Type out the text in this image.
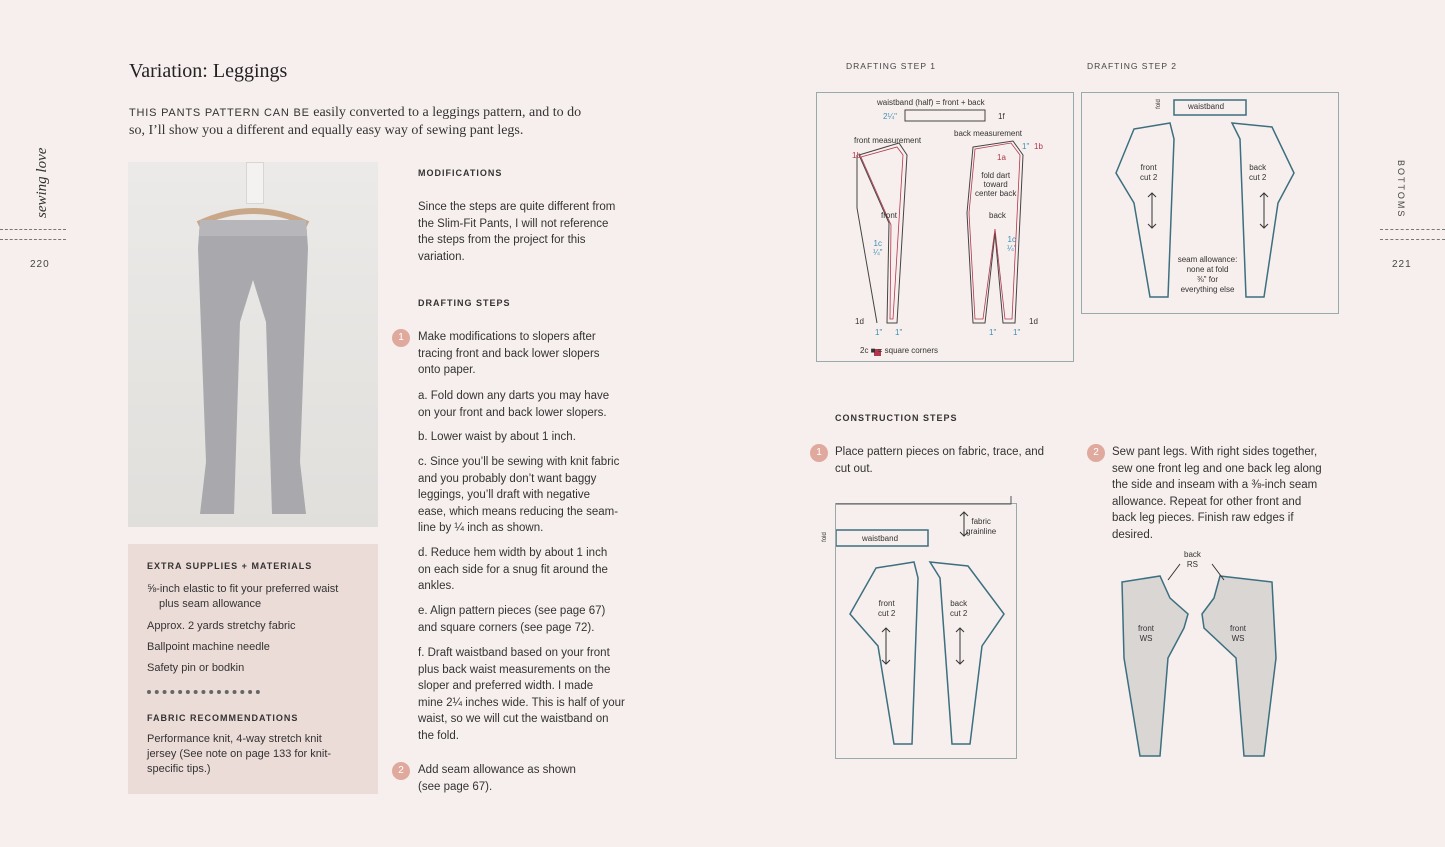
Variation: Leggings
THIS PANTS PATTERN CAN BE easily converted to a leggings pattern, and to do so, I’ll show you a different and equally easy way of sewing pant legs.
sewing love
220
EXTRA SUPPLIES + MATERIALS
⅝-inch elastic to fit your preferred waist
plus seam allowance
Approx. 2 yards stretchy fabric
Ballpoint machine needle
Safety pin or bodkin
FABRIC RECOMMENDATIONS
Performance knit, 4-way stretch knit
jersey (See note on page 133 for knit-
specific tips.)
MODIFICATIONS
Since the steps are quite different from
the Slim-Fit Pants, I will not reference
the steps from the project for this
variation.
DRAFTING STEPS
1	Make modifications to slopers after
tracing front and back lower slopers
onto paper.
a. Fold down any darts you may have
on your front and back lower slopers.
b. Lower waist by about 1 inch.
c. Since you’ll be sewing with knit fabric
and you probably don’t want baggy
leggings, you’ll draft with negative
ease, which means reducing the seam-
line by ¼ inch as shown.
d. Reduce hem width by about 1 inch
on each side for a snug fit around the
ankles.
e. Align pattern pieces (see page 67)
and square corners (see page 72).
f. Draft waistband based on your front
plus back waist measurements on the
sloper and preferred width. I made
mine 2¼ inches wide. This is half of your
waist, so we will cut the waistband on
the fold.
2	Add seam allowance as shown
(see page 67).
DRAFTING STEP 1	DRAFTING STEP 2
waistband (half) = front + back
2¼"	1f
front measurement
back measurement
1b
1b
1a
fold dart
toward
center back
1"
front	back
1c
¼"
1c
¼"
1d	1d
1" 1"	1" 1"
2c ■ = square corners
fold	waistband
front
cut 2
back
cut 2
seam allowance:
none at fold
⅜" for
everything else
BOTTOMS
221
CONSTRUCTION STEPS
1	Place pattern pieces on fabric, trace, and
cut out.
2	Sew pant legs. With right sides together,
sew one front leg and one back leg along
the side and inseam with a ⅜-inch seam
allowance. Repeat for other front and
back leg pieces. Finish raw edges if
desired.
fold	waistband
fabric
grainline
front
cut 2
back
cut 2
back
RS
front
WS
front
WS
